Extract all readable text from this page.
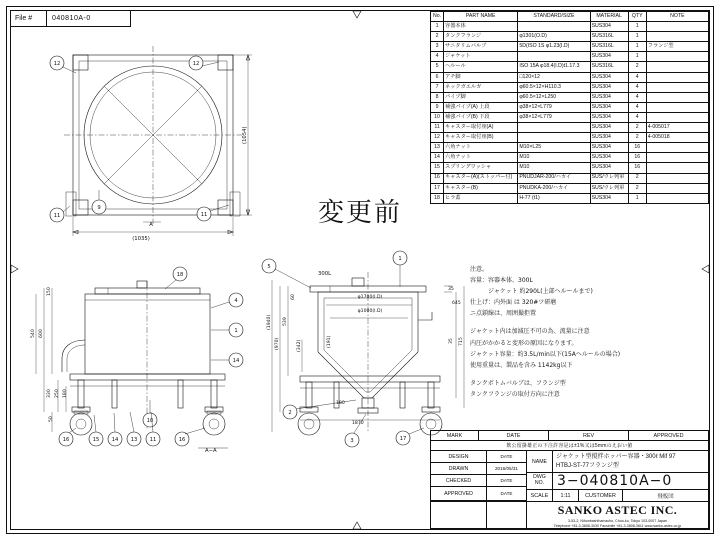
File #	040810A-0
(1054)
(1035)
A
12	12
11
9
11
150
600
540
330 250 180
50
18
4
1
14
10
16	15 14 13 11	16
A−A
300L
φ1700(I.D)
φ1000(I.D)
539
(970)
60
(1940)
(342)	(191)
180
1870
35
645
715
35
5
1
2
3	17
変更前
No.	PART NAME	STANDARD/SIZE	MATERIAL	QTY	NOTE
1	容器本体		SUS304	1	
2	タンクフランジ	φ1301(O.D)	SUS316L	1	
3	サニタリムバルブ	5D(ISO 1S φ1.23(I.D)	SUS316L	1	フランジ型
4	ジャケット		SUS304	1	
5	ヘルール	ISO 15A φ18.4(I.D)t1.17.3	SUS316L	2	
6	アチ脚	□120×12	SUS304	4	
7	ネックガエルガ	φ60.5×12×H110.3	SUS304	4	
8	パイプ脚	φ60.5×12×L250	SUS304	4	
9	補強パイプ(A) 上段	φ38×12×L779	SUS304	4	
10	補強パイプ(B) 下段	φ38×12×L779	SUS304	4	
11	キャスター取付座(A)		SUS304	2	4-005017
12	キャスター取付座(B)		SUS304	2	4-005018
13	六角ナット	M10×L25	SUS304	16	
14	六角ナット	M10	SUS304	16	
15	スプリングワッシャ	M10	SUS304	16	
16	キャスター(A)(ストッパー付)	PNUDJAR-200/ハカイ	SUS/ウレ列軍	2	
17	キャスター(B)	PNUDKA-200/ハカイ	SUS/ウレ列軍	2	
18	ヒラ蓋	H-77 (t1)	SUS304	1	
注意。
容量：容器本体、300L
　　　ジャケット 約290L(上部ヘルールまで)
仕上げ：内外面 は 320#ツ研磨
ニ点鎖線は、周囲撮拒置
ジャケット内は加減圧不可の為、流量に注意
内圧がかかると変形の原因になります。
ジャケット容量：約3.5L/min以下(15Aヘルールの場合)
使用重量は、製品を含み 1142kg以下
タンクボトムバルブは、フランジ型
タンクフランジの取付方向に注意
MARK	DATE	REV	APPROVED
飲公留掛雄正の下注許容是は±1%又は5mmのえおい値
DESIGN	DATE
DRAWN	2016/05/31
CHECKED	DATE
APPROVED	DATE
NAME
ジャケット型撹拌ホッパー容器・300ℓ Mif 97
HTBJ-ST-77フランジ型
DWG
NO. 3−040810A−0
SCALE	1:11	CUSTOMER	飛板団
SANKO ASTEC INC.
3-53-2, Nihonbashihamacho, Chuo-ku, Tokyo 103-0007 Japan
Telephone +81-3-3808-3030 Facsimile +81-3-3808-3811 www.sanko-astec.co.jp
